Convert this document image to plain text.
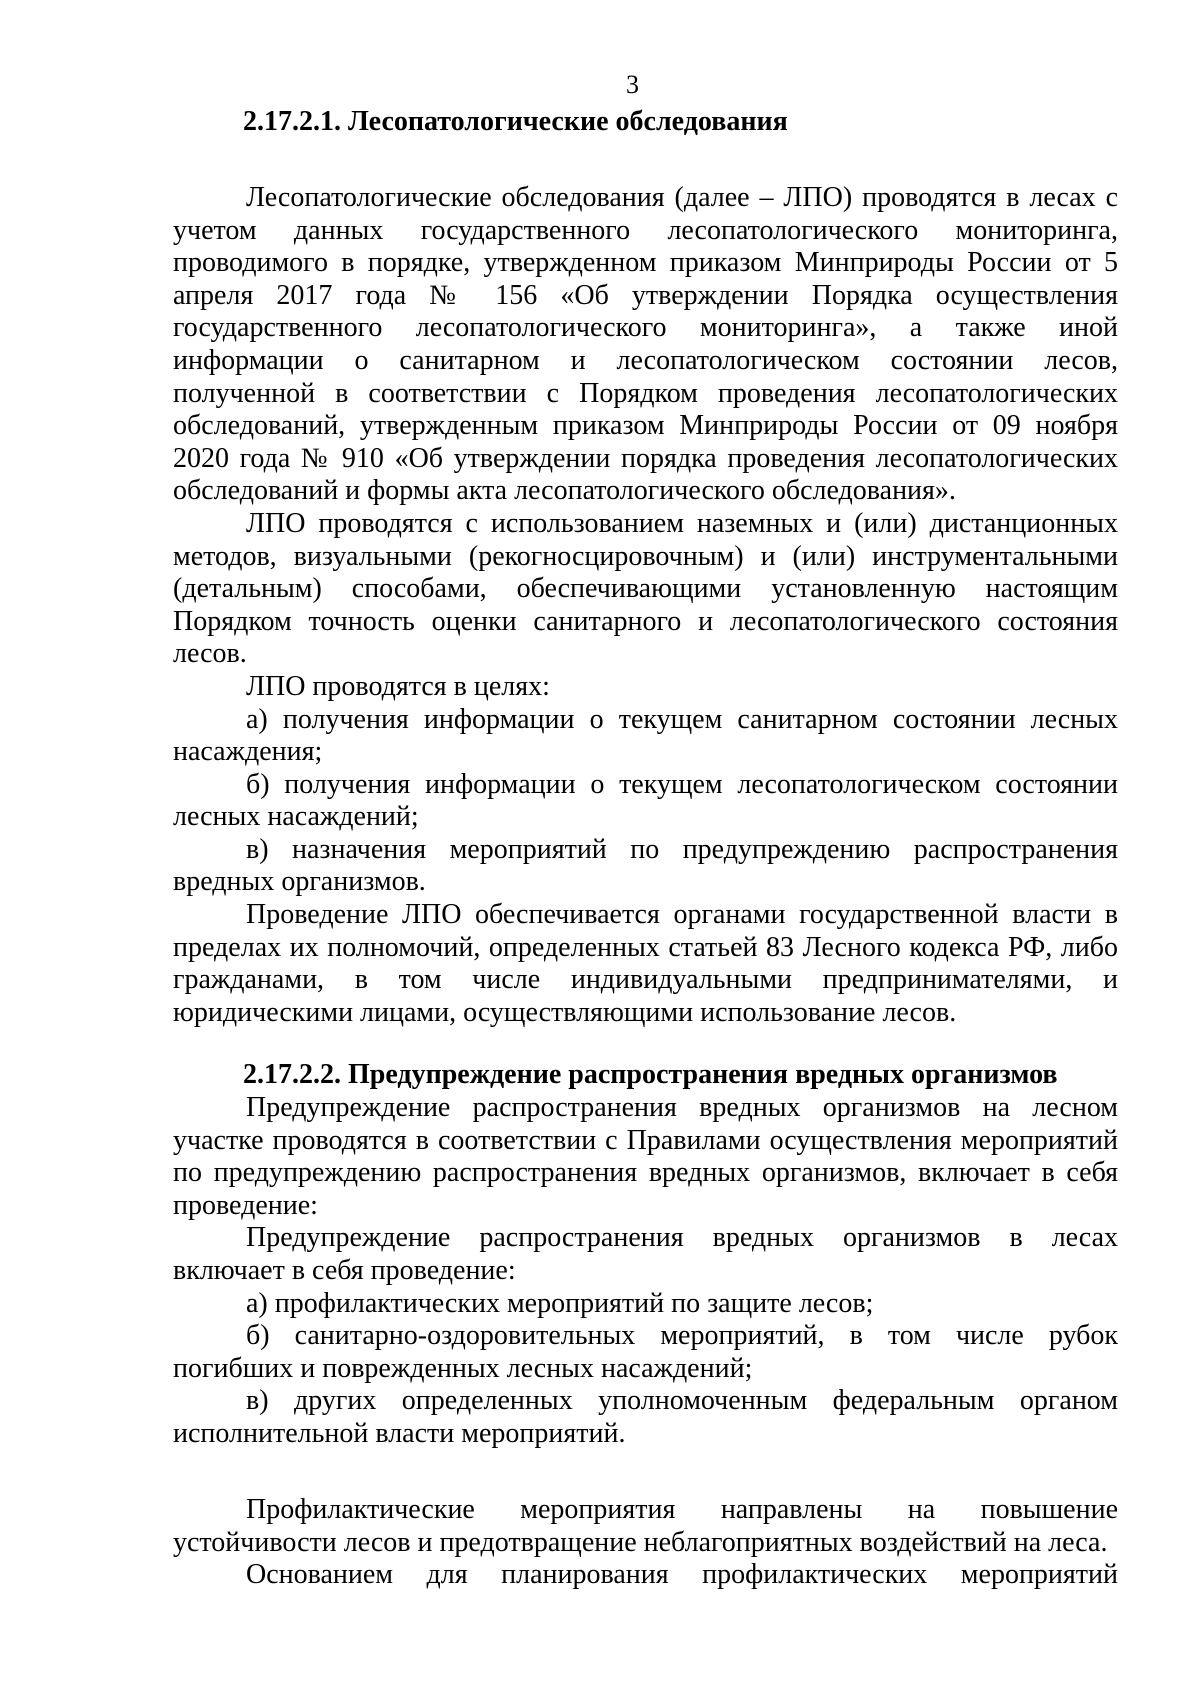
3

2.17.2.1. Лесопатологические обследования

Лесопатологические обследования (далее – ЛПО) проводятся в лесах с учетом данных государственного лесопатологического мониторинга, проводимого в порядке, утвержденном приказом Минприроды России от 5 апреля 2017 года № 156 «Об утверждении Порядка осуществления государственного лесопатологического мониторинга», а также иной информации о санитарном и лесопатологическом состоянии лесов, полученной в соответствии с Порядком проведения лесопатологических обследований, утвержденным приказом Минприроды России от 09 ноября 2020 года № 910 «Об утверждении порядка проведения лесопатологических обследований и формы акта лесопатологического обследования».

ЛПО проводятся с использованием наземных и (или) дистанционных методов, визуальными (рекогносцировочным) и (или) инструментальными (детальным) способами, обеспечивающими установленную настоящим Порядком точность оценки санитарного и лесопатологического состояния лесов.

ЛПО проводятся в целях:

а) получения информации о текущем санитарном состоянии лесных насаждения;

б) получения информации о текущем лесопатологическом состоянии лесных насаждений;

в) назначения мероприятий по предупреждению распространения вредных организмов.

Проведение ЛПО обеспечивается органами государственной власти в пределах их полномочий, определенных статьей 83 Лесного кодекса РФ, либо гражданами, в том числе индивидуальными предпринимателями, и юридическими лицами, осуществляющими использование лесов.

2.17.2.2. Предупреждение распространения вредных организмов

Предупреждение распространения вредных организмов на лесном участке проводятся в соответствии с Правилами осуществления мероприятий по предупреждению распространения вредных организмов, включает в себя проведение:

Предупреждение распространения вредных организмов в лесах включает в себя проведение:

а) профилактических мероприятий по защите лесов;

б) санитарно-оздоровительных мероприятий, в том числе рубок погибших и поврежденных лесных насаждений;

в) других определенных уполномоченным федеральным органом исполнительной власти мероприятий.

Профилактические мероприятия направлены на повышение устойчивости лесов и предотвращение неблагоприятных воздействий на леса.

Основанием для планирования профилактических мероприятий
